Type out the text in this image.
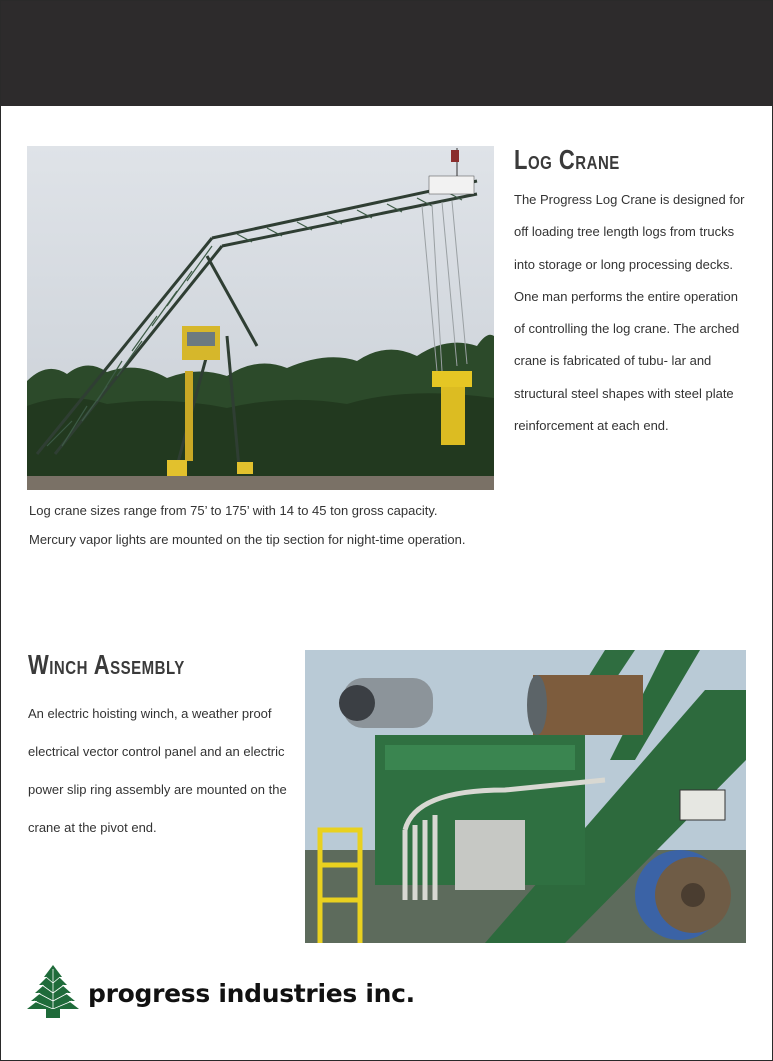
Log Crane

The Progress Log Crane is designed for off loading tree length logs from trucks into storage or long processing decks. One man performs the entire operation of controlling the log crane. The arched crane is fabricated of tubu- lar and structural steel shapes with steel plate reinforcement at each end.

Log crane sizes range from 75’ to 175’ with 14 to 45 ton gross capacity.
Mercury vapor lights are mounted on the tip section for night-time operation.
Winch Assembly

An electric hoisting winch, a weather proof electrical vector control panel and an electric power slip ring assembly are mounted on the crane at the pivot end.

progress industries inc.
